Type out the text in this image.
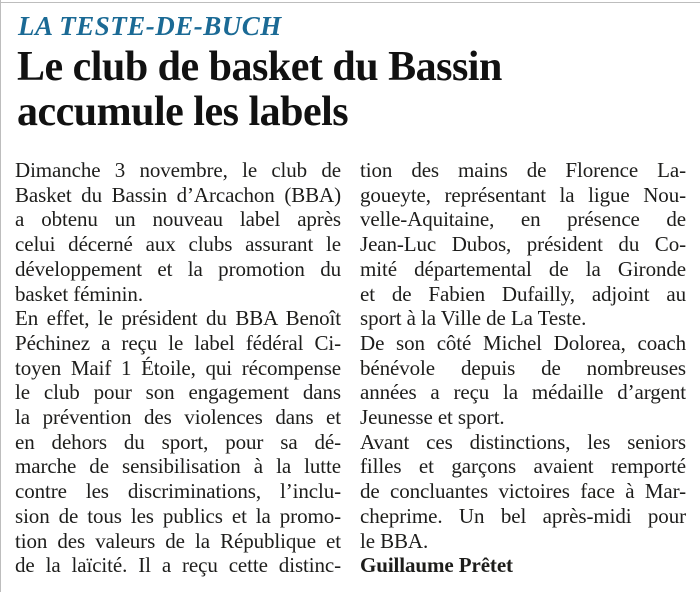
LA TESTE-DE-BUCH
Le club de basket du Bassin
accumule les labels
Dimanche 3 novembre, le club de
Basket du Bassin d’Arcachon (BBA)
a obtenu un nouveau label après
celui décerné aux clubs assurant le
développement et la promotion du
basket féminin.
En effet, le président du BBA Benoît
Péchinez a reçu le label fédéral Ci-
toyen Maif 1 Étoile, qui récompense
le club pour son engagement dans
la prévention des violences dans et
en dehors du sport, pour sa dé-
marche de sensibilisation à la lutte
contre les discriminations, l’inclu-
sion de tous les publics et la promo-
tion des valeurs de la République et
de la laïcité. Il a reçu cette distinc-
tion des mains de Florence La-
goueyte, représentant la ligue Nou-
velle-Aquitaine, en présence de
Jean-Luc Dubos, président du Co-
mité départemental de la Gironde
et de Fabien Dufailly, adjoint au
sport à la Ville de La Teste.
De son côté Michel Dolorea, coach
bénévole depuis de nombreuses
années a reçu la médaille d’argent
Jeunesse et sport.
Avant ces distinctions, les seniors
filles et garçons avaient remporté
de concluantes victoires face à Mar-
cheprime. Un bel après-midi pour
le BBA.
Guillaume Prêtet
